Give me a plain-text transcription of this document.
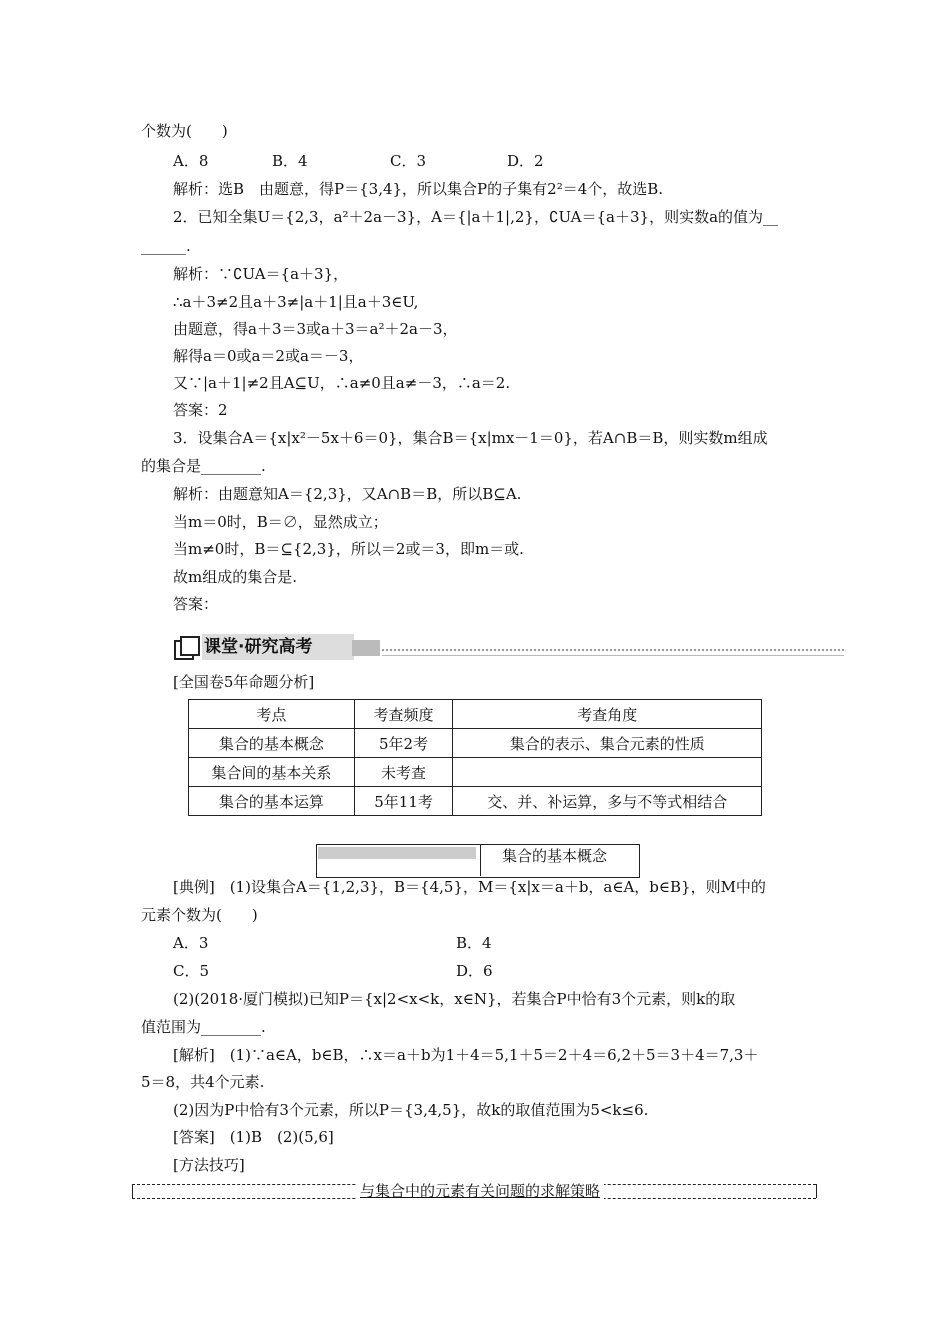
个数为(　　)
A．8	B．4	C．3	D．2
解析：选B　由题意，得P＝{3,4}，所以集合P的子集有2²＝4个，故选B.
2．已知全集U＝{2,3，a²＋2a－3}，A＝{|a＋1|,2}，∁UA＝{a＋3}，则实数a的值为__
______.
解析：∵∁UA＝{a＋3}，
∴a＋3≠2且a＋3≠|a＋1|且a＋3∈U,
由题意，得a＋3＝3或a＋3＝a²＋2a－3，
解得a＝0或a＝2或a＝－3，
又∵|a＋1|≠2且A⊆U，∴a≠0且a≠－3，∴a＝2.
答案：2
3．设集合A＝{x|x²－5x＋6＝0}，集合B＝{x|mx－1＝0}，若A∩B＝B，则实数m组成
的集合是________.
解析：由题意知A＝{2,3}，又A∩B＝B，所以B⊆A.
当m＝0时，B＝∅，显然成立；
当m≠0时，B＝⊆{2,3}，所以＝2或＝3，即m＝或.
故m组成的集合是.
答案：
课堂·研究高考
[全国卷5年命题分析]
考点	考查频度	考查角度
集合的基本概念	5年2考	集合的表示、集合元素的性质
集合间的基本关系	未考查	
集合的基本运算	5年11考	交、并、补运算，多与不等式相结合
集合的基本概念
[典例]　(1)设集合A＝{1,2,3}，B＝{4,5}，M＝{x|x＝a＋b，a∈A，b∈B}，则M中的
元素个数为(　　)
A．3	B．4
C．5	D．6
(2)(2018·厦门模拟)已知P＝{x|2<x<k，x∈N}，若集合P中恰有3个元素，则k的取
值范围为________.
[解析]　(1)∵a∈A，b∈B，∴x＝a＋b为1＋4＝5,1＋5＝2＋4＝6,2＋5＝3＋4＝7,3＋
5＝8，共4个元素.
(2)因为P中恰有3个元素，所以P＝{3,4,5}，故k的取值范围为5<k≤6.
[答案]　(1)B　(2)(5,6]
[方法技巧]
与集合中的元素有关问题的求解策略
